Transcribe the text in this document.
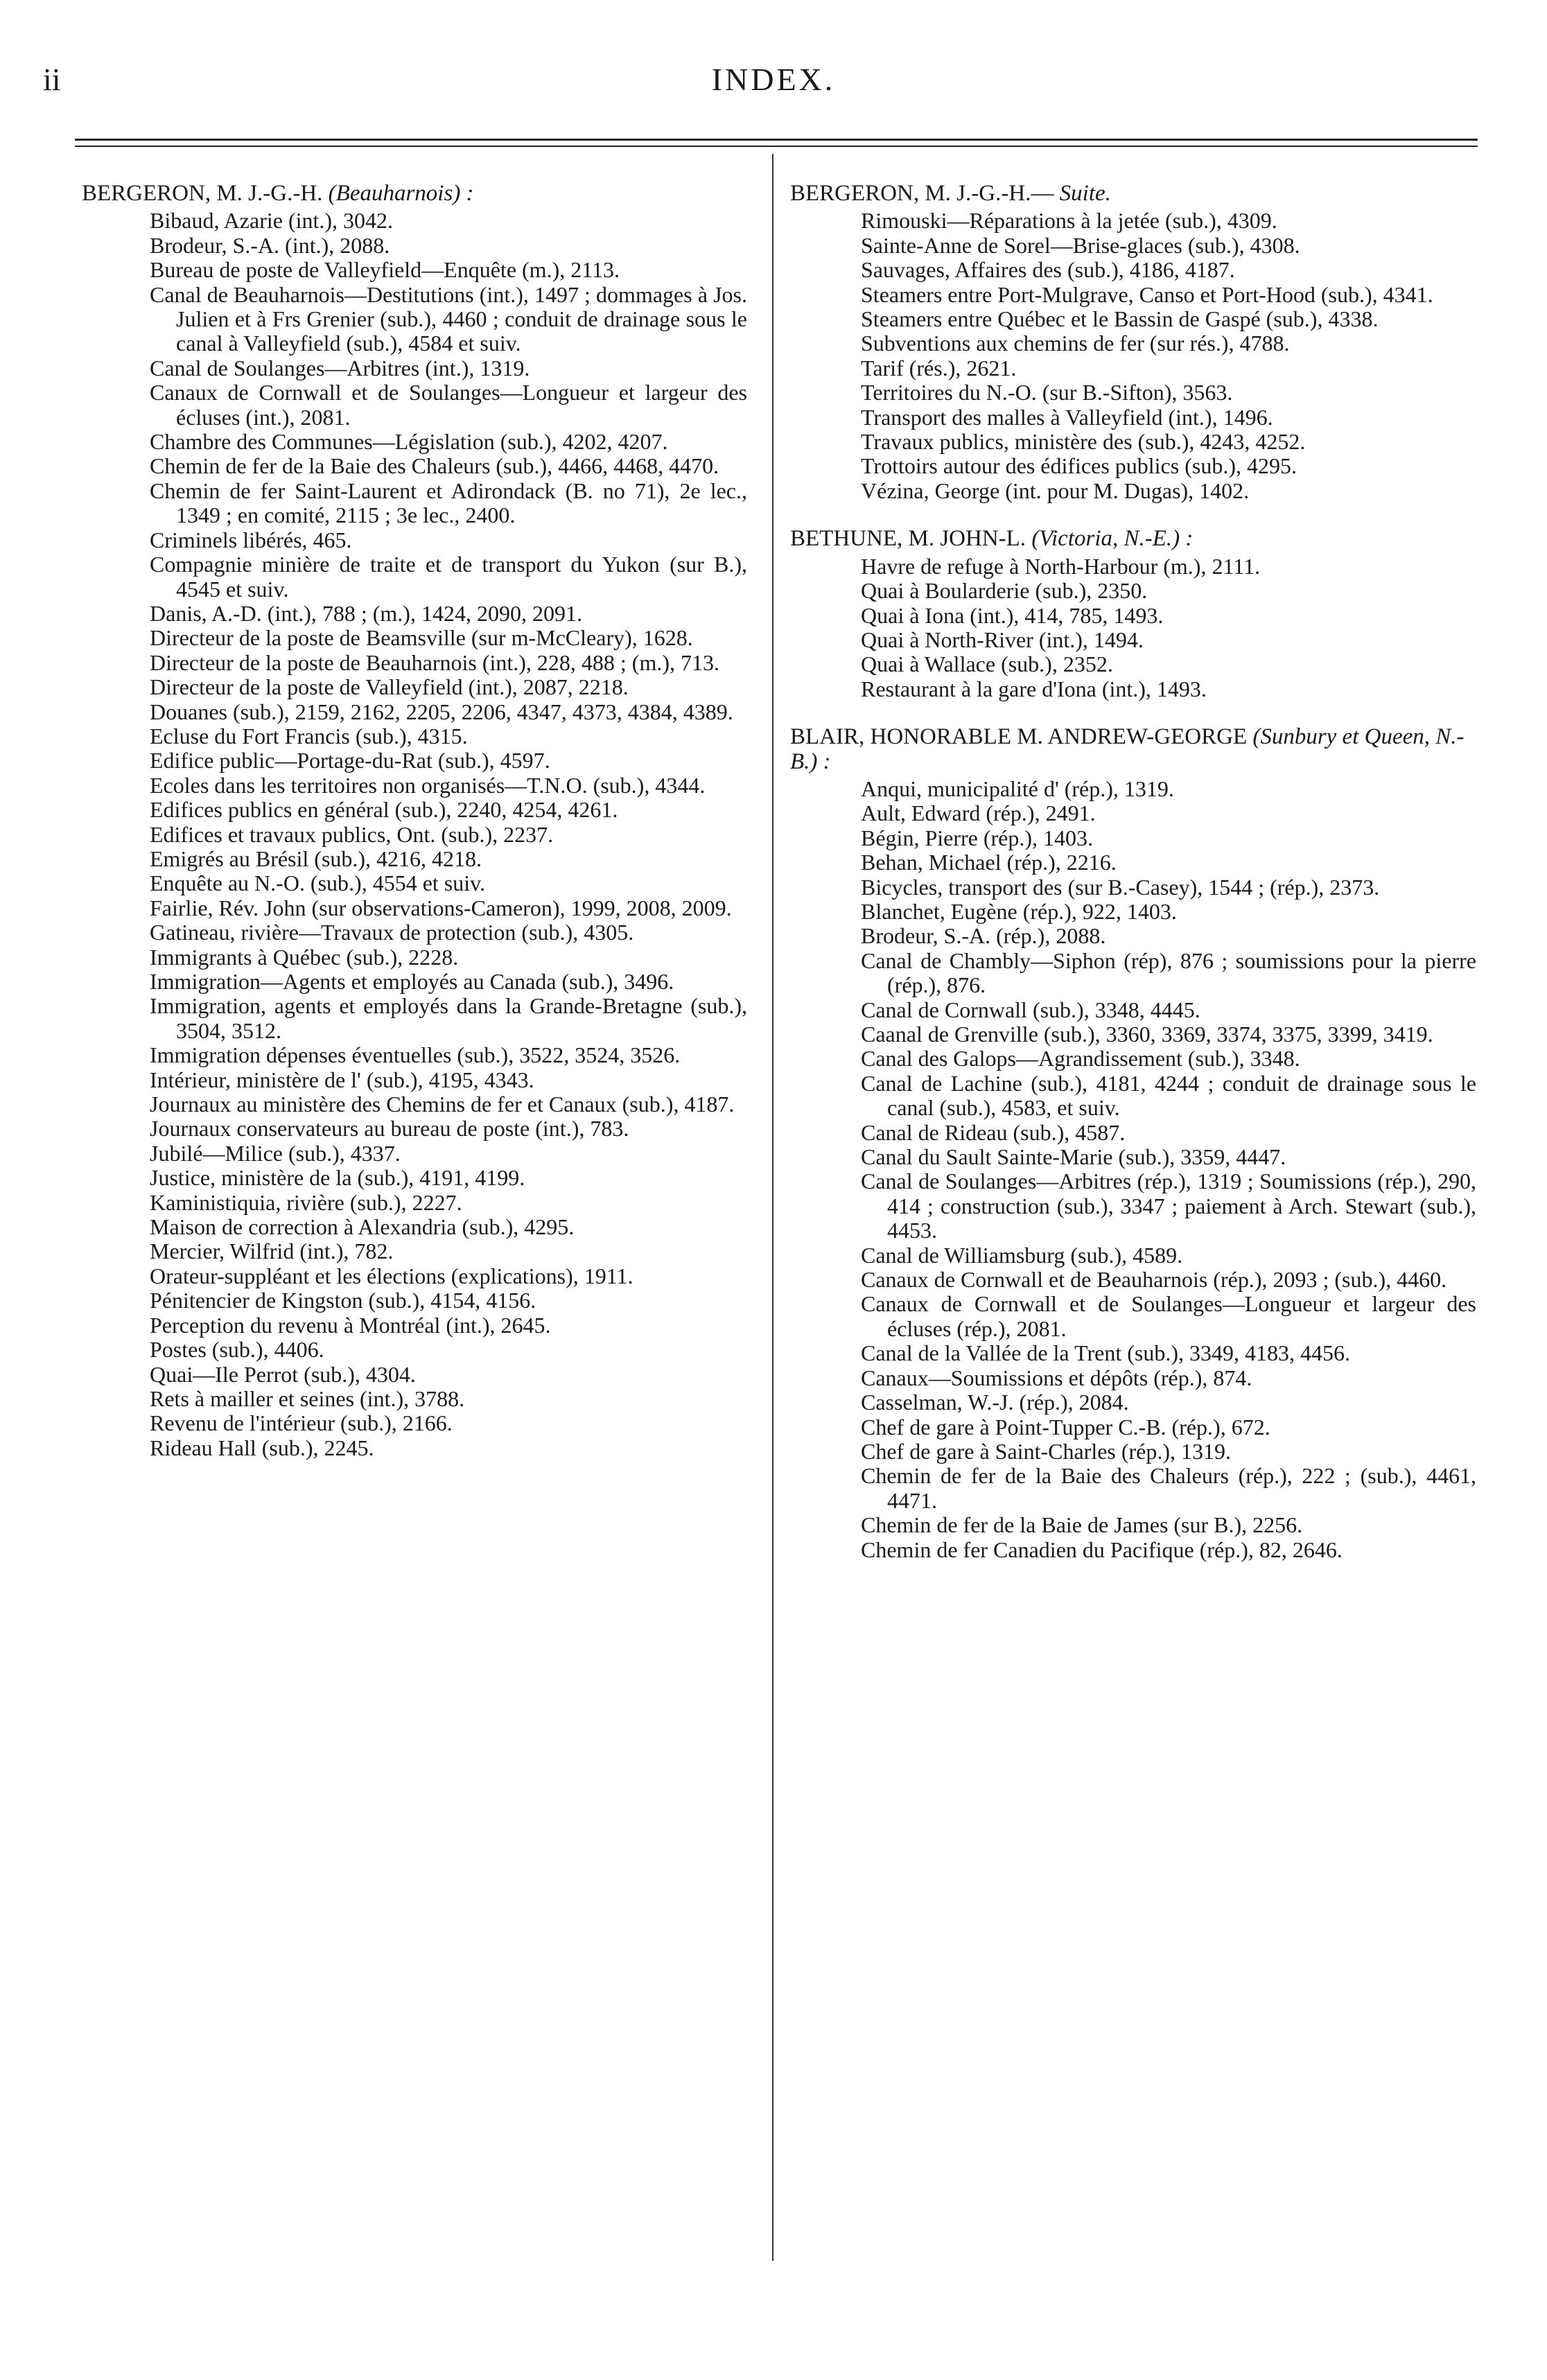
ii	INDEX.
BERGERON, M. J.-G.-H. (Beauharnois) :
Bibaud, Azarie (int.), 3042.
Brodeur, S.-A. (int.), 2088.
Bureau de poste de Valleyfield—Enquête (m.), 2113.
Canal de Beauharnois—Destitutions (int.), 1497 ; dommages à Jos. Julien et à Frs Grenier (sub.), 4460 ; conduit de drainage sous le canal à Valleyfield (sub.), 4584 et suiv.
Canal de Soulanges—Arbitres (int.), 1319.
Canaux de Cornwall et de Soulanges—Longueur et largeur des écluses (int.), 2081.
Chambre des Communes—Législation (sub.), 4202, 4207.
Chemin de fer de la Baie des Chaleurs (sub.), 4466, 4468, 4470.
Chemin de fer Saint-Laurent et Adirondack (B. no 71), 2e lec., 1349 ; en comité, 2115 ; 3e lec., 2400.
Criminels libérés, 465.
Compagnie minière de traite et de transport du Yukon (sur B.), 4545 et suiv.
Danis, A.-D. (int.), 788 ; (m.), 1424, 2090, 2091.
Directeur de la poste de Beamsville (sur m-McCleary), 1628.
Directeur de la poste de Beauharnois (int.), 228, 488 ; (m.), 713.
Directeur de la poste de Valleyfield (int.), 2087, 2218.
Douanes (sub.), 2159, 2162, 2205, 2206, 4347, 4373, 4384, 4389.
Ecluse du Fort Francis (sub.), 4315.
Edifice public—Portage-du-Rat (sub.), 4597.
Ecoles dans les territoires non organisés—T.N.O. (sub.), 4344.
Edifices publics en général (sub.), 2240, 4254, 4261.
Edifices et travaux publics, Ont. (sub.), 2237.
Emigrés au Brésil (sub.), 4216, 4218.
Enquête au N.-O. (sub.), 4554 et suiv.
Fairlie, Rév. John (sur observations-Cameron), 1999, 2008, 2009.
Gatineau, rivière—Travaux de protection (sub.), 4305.
Immigrants à Québec (sub.), 2228.
Immigration—Agents et employés au Canada (sub.), 3496.
Immigration, agents et employés dans la Grande-Bretagne (sub.), 3504, 3512.
Immigration dépenses éventuelles (sub.), 3522, 3524, 3526.
Intérieur, ministère de l' (sub.), 4195, 4343.
Journaux au ministère des Chemins de fer et Canaux (sub.), 4187.
Journaux conservateurs au bureau de poste (int.), 783.
Jubilé—Milice (sub.), 4337.
Justice, ministère de la (sub.), 4191, 4199.
Kaministiquia, rivière (sub.), 2227.
Maison de correction à Alexandria (sub.), 4295.
Mercier, Wilfrid (int.), 782.
Orateur-suppléant et les élections (explications), 1911.
Pénitencier de Kingston (sub.), 4154, 4156.
Perception du revenu à Montréal (int.), 2645.
Postes (sub.), 4406.
Quai—Ile Perrot (sub.), 4304.
Rets à mailler et seines (int.), 3788.
Revenu de l'intérieur (sub.), 2166.
Rideau Hall (sub.), 2245.
BERGERON, M. J.-G.-H.— Suite.
Rimouski—Réparations à la jetée (sub.), 4309.
Sainte-Anne de Sorel—Brise-glaces (sub.), 4308.
Sauvages, Affaires des (sub.), 4186, 4187.
Steamers entre Port-Mulgrave, Canso et Port-Hood (sub.), 4341.
Steamers entre Québec et le Bassin de Gaspé (sub.), 4338.
Subventions aux chemins de fer (sur rés.), 4788.
Tarif (rés.), 2621.
Territoires du N.-O. (sur B.-Sifton), 3563.
Transport des malles à Valleyfield (int.), 1496.
Travaux publics, ministère des (sub.), 4243, 4252.
Trottoirs autour des édifices publics (sub.), 4295.
Vézina, George (int. pour M. Dugas), 1402.
BETHUNE, M. JOHN-L. (Victoria, N.-E.) :
Havre de refuge à North-Harbour (m.), 2111.
Quai à Boularderie (sub.), 2350.
Quai à Iona (int.), 414, 785, 1493.
Quai à North-River (int.), 1494.
Quai à Wallace (sub.), 2352.
Restaurant à la gare d'Iona (int.), 1493.
BLAIR, HONORABLE M. ANDREW-GEORGE (Sunbury et Queen, N.-B.) :
Anqui, municipalité d' (rép.), 1319.
Ault, Edward (rép.), 2491.
Bégin, Pierre (rép.), 1403.
Behan, Michael (rép.), 2216.
Bicycles, transport des (sur B.-Casey), 1544 ; (rép.), 2373.
Blanchet, Eugène (rép.), 922, 1403.
Brodeur, S.-A. (rép.), 2088.
Canal de Chambly—Siphon (rép), 876 ; soumissions pour la pierre (rép.), 876.
Canal de Cornwall (sub.), 3348, 4445.
Caanal de Grenville (sub.), 3360, 3369, 3374, 3375, 3399, 3419.
Canal des Galops—Agrandissement (sub.), 3348.
Canal de Lachine (sub.), 4181, 4244 ; conduit de drainage sous le canal (sub.), 4583, et suiv.
Canal de Rideau (sub.), 4587.
Canal du Sault Sainte-Marie (sub.), 3359, 4447.
Canal de Soulanges—Arbitres (rép.), 1319 ; Soumissions (rép.), 290, 414 ; construction (sub.), 3347 ; paiement à Arch. Stewart (sub.), 4453.
Canal de Williamsburg (sub.), 4589.
Canaux de Cornwall et de Beauharnois (rép.), 2093 ; (sub.), 4460.
Canaux de Cornwall et de Soulanges—Longueur et largeur des écluses (rép.), 2081.
Canal de la Vallée de la Trent (sub.), 3349, 4183, 4456.
Canaux—Soumissions et dépôts (rép.), 874.
Casselman, W.-J. (rép.), 2084.
Chef de gare à Point-Tupper C.-B. (rép.), 672.
Chef de gare à Saint-Charles (rép.), 1319.
Chemin de fer de la Baie des Chaleurs (rép.), 222 ; (sub.), 4461, 4471.
Chemin de fer de la Baie de James (sur B.), 2256.
Chemin de fer Canadien du Pacifique (rép.), 82, 2646.
